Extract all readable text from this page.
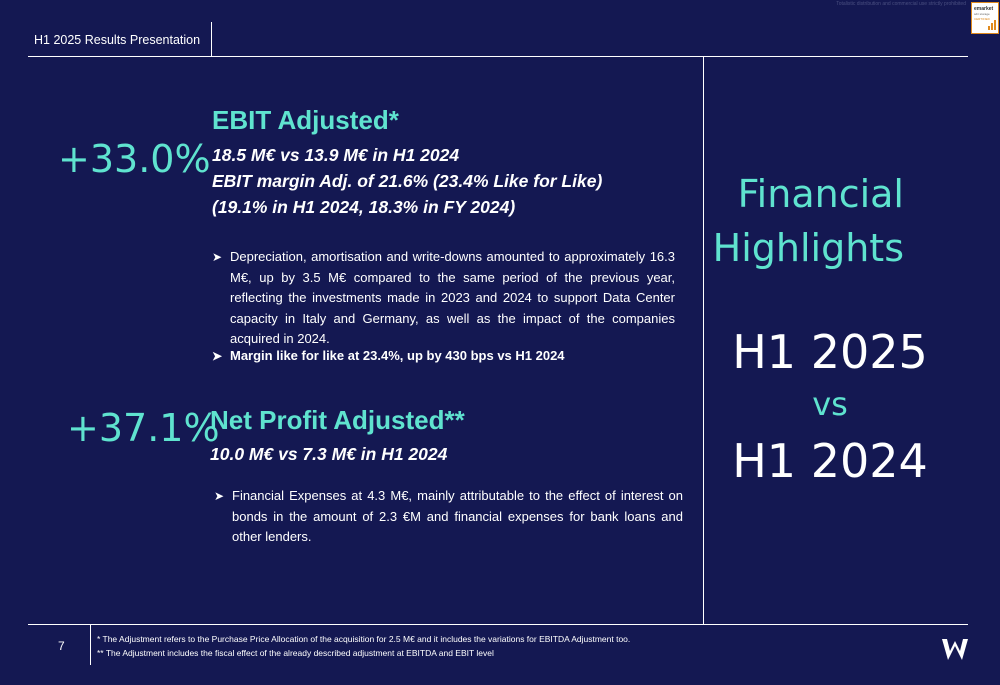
Totalistic distribution and commercial use strictly prohibited
emarket
sdir storage
CERTIFIED
H1 2025 Results Presentation
+33.0%
EBIT Adjusted*
18.5 M€ vs 13.9 M€ in H1 2024
EBIT margin Adj. of 21.6% (23.4% Like for Like)
(19.1% in H1 2024, 18.3% in FY 2024)
➤ Depreciation, amortisation and write-downs amounted to approximately 16.3 M€, up by 3.5 M€ compared to the same period of the previous year, reflecting the investments made in 2023 and 2024 to support Data Center capacity in Italy and Germany, as well as the impact of the companies acquired in 2024.
➤ Margin like for like at 23.4%, up by 430 bps vs H1 2024
+37.1%
Net Profit Adjusted**
10.0 M€ vs 7.3 M€ in H1 2024
➤ Financial Expenses at 4.3 M€, mainly attributable to the effect of interest on bonds in the amount of 2.3 €M and financial expenses for bank loans and other lenders.
Financial
Highlights
H1 2025
vs
H1 2024
7	* The Adjustment refers to the Purchase Price Allocation of the acquisition for 2.5 M€ and it includes the variations for EBITDA Adjustment too.
** The Adjustment includes the fiscal effect of the already described adjustment at EBITDA and EBIT level
